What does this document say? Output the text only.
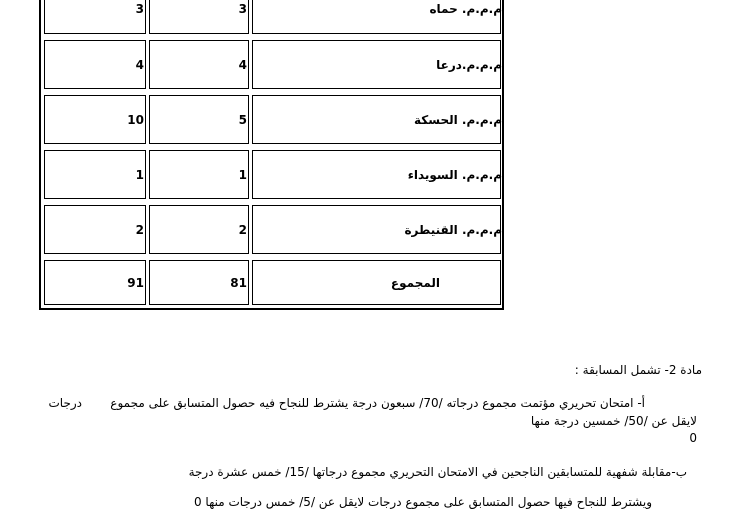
3	3	م.م.م. حماه
4	4	م.م.م.درعا
10	5	م.م.م. الحسكة
1	1	م.م.م. السويداء
2	2	م.م.م. القنيطرة
91	81	المجموع
مادة 2- تشمل المسابقة :
أ- امتحان تحريري مؤتمت مجموع درجاته /70/ سبعون درجة يشترط للنجاح فيه حصول المتسابق على مجموع
درجات
لايقل عن /50/ خمسين درجة منها
0
ب-مقابلة شفهية للمتسابقين الناجحين في الامتحان التحريري مجموع درجاتها /15/ خمس عشرة درجة
ويشترط للنجاح فيها حصول المتسابق على مجموع درجات لايقل عن /5/ خمس درجات منها 0
